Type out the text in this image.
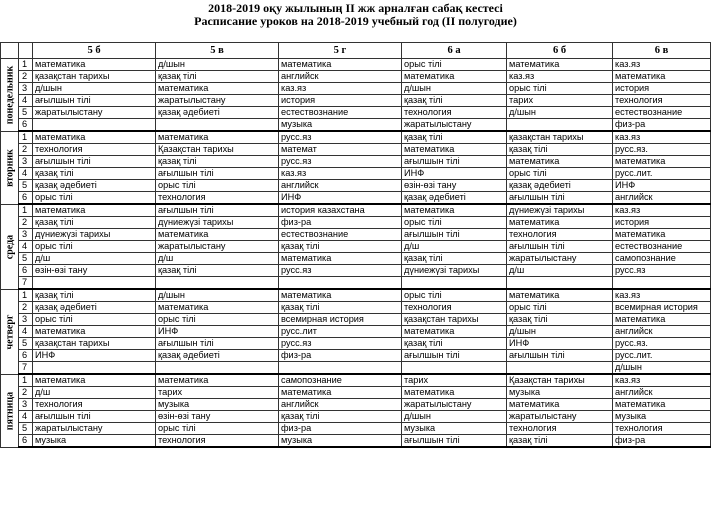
2018-2019 оқу жылының II жж арналған сабақ кестесі
Расписание уроков на 2018-2019 учебный год (II полугодие)
		5 б	5 в	5 г	6 а	6 б	6 в

понедельник	1	математика	д/шын	математика	орыс тілі	математика	каз.яз
	2	қазақстан тарихы	қазақ тілі	английск	математика	каз.яз	математика
	3	д/шын	математика	каз.яз	д/шын	орыс тілі	история
	4	ағылшын тілі	жаратылыстану	история	қазақ тілі	тарих	технология
	5	жаратылыстану	қазақ әдебиеті	естествознание	технология	д/шын	естествознание
	6			музыка	жаратылыстану		физ-ра

вторник	1	математика	математика	русс.яз	қазақ тілі	қазақстан тарихы	каз.яз
	2	технология	Қазақстан тарихы	математ	математика	қазақ тілі	русс.яз.
	3	ағылшын тілі	қазақ тілі	русс.яз	ағылшын тілі	математика	математика
	4	қазақ тілі	ағылшын тілі	каз.яз	ИНФ	орыс тілі	русс.лит.
	5	қазақ әдебиеті	орыс тілі	английск	өзін-өзі тану	қазақ әдебиеті	ИНФ
	6	орыс тілі	технология	ИНФ	қазақ әдебиеті	ағылшын тілі	английск

среда	1	математика	ағылшын тілі	история казахстана	математика	дүниежүзі тарихы	каз.яз
	2	қазақ тілі	дүниежүзі тарихы	физ-ра	орыс тілі	математика	история
	3	дүниежүзі тарихы	математика	естествознание	ағылшын тілі	технология	математика
	4	орыс тілі	жаратылыстану	қазақ тілі	д/ш	ағылшын тілі	естествознание
	5	д/ш	д/ш	математика	қазақ тілі	жаратылыстану	самопознание
	6	өзін-өзі тану	қазақ тілі	русс.яз	дүниежүзі тарихы	д/ш	русс.яз
	7						

четверг	1	қазақ тілі	д/шын	математика	орыс тілі	математика	каз.яз
	2	қазақ әдебиеті	математика	қазақ тілі	технология	орыс тілі	всемирная история
	3	орыс тілі	орыс тілі	всемирная история	қазақстан тарихы	қазақ тілі	математика
	4	математика	ИНФ	русс.лит	математика	д/шын	английск
	5	қазақстан тарихы	ағылшын тілі	русс.яз	қазақ тілі	ИНФ	русс.яз.
	6	ИНФ	қазақ әдебиеті	физ-ра	ағылшын тілі	ағылшын тілі	русс.лит.
	7						д/шын

пятница	1	математика	математика	самопознание	тарих	Қазақстан тарихы	каз.яз
	2	д/ш	тарих	математика	математика	музыка	английск
	3	технология	музыка	английск	жаратылыстану	математика	математика
	4	ағылшын тілі	өзін-өзі тану	қазақ тілі	д/шын	жаратылыстану	музыка
	5	жаратылыстану	орыс тілі	физ-ра	музыка	технология	технология
	6	музыка	технология	музыка	ағылшын тілі	қазақ тілі	физ-ра
